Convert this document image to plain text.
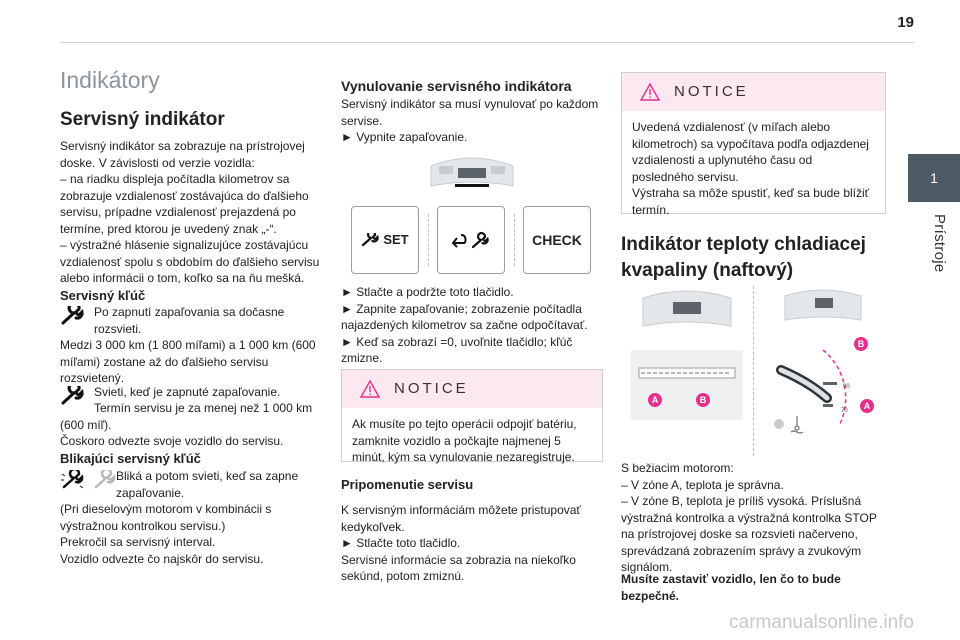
19
1
Prístroje
Indikátory
Servisný indikátor

Servisný indikátor sa zobrazuje na prístrojovej doske. V závislosti od verzie vozidla:
– na riadku displeja počítadla kilometrov sa zobrazuje vzdialenosť zostávajúca do ďalšieho servisu, prípadne vzdialenosť prejazdená po termíne, pred ktorou je uvedený znak „-“.
– výstražné hlásenie signalizujúce zostávajúcu vzdialenosť spolu s obdobím do ďalšieho servisu alebo informácii o tom, koľko sa na ňu mešká.

Servisný kľúč

Po zapnutí zapaľovania sa dočasne rozsvieti.

Medzi 3 000 km (1 800 míľami) a 1 000 km (600 míľami) zostane až do ďalšieho servisu rozsvietený.

Svieti, keď je zapnuté zapaľovanie.

Termín servisu je za menej než 1 000 km (600 míľ).
Čoskoro odvezte svoje vozidlo do servisu.

Blikajúci servisný kľúč

Bliká a potom svieti, keď sa zapne zapaľovanie.

(Pri dieselovým motorom v kombinácii s výstražnou kontrolkou servisu.)
Prekročil sa servisný interval.
Vozidlo odvezte čo najskôr do servisu.

Vynulovanie servisného indikátora

Servisný indikátor sa musí vynulovať po každom servise.

► Vypnite zapaľovanie.

SET	CHECK

► Stlačte a podržte toto tlačidlo.
► Zapnite zapaľovanie; zobrazenie počítadla najazdených kilometrov sa začne odpočítavať.
► Keď sa zobrazí =0, uvoľnite tlačidlo; kľúč zmizne.

NOTICE
Ak musíte po tejto operácii odpojiť batériu, zamknite vozidlo a počkajte najmenej 5 minút, kým sa vynulovanie nezaregistruje.
Pripomenutie servisu

K servisným informáciám môžete pristupovať kedykoľvek.
► Stlačte toto tlačidlo.
Servisné informácie sa zobrazia na niekoľko sekúnd, potom zmiznú.

NOTICE
Uvedená vzdialenosť (v míľach alebo kilometroch) sa vypočítava podľa odjazdenej vzdialenosti a uplynutého času od posledného servisu.
Výstraha sa môže spustiť, keď sa bude blížiť termín.
Indikátor teploty chladiacej kvapaliny (naftový)
A	B
90
70
B
A

S bežiacim motorom:
– V zóne A, teplota je správna.
– V zóne B, teplota je príliš vysoká. Príslušná výstražná kontrolka a výstražná kontrolka STOP na prístrojovej doske sa rozsvieti načerveno, sprevádzaná zobrazením správy a zvukovým signálom.

Musíte zastaviť vozidlo, len čo to bude bezpečné.

carmanualsonline.info
